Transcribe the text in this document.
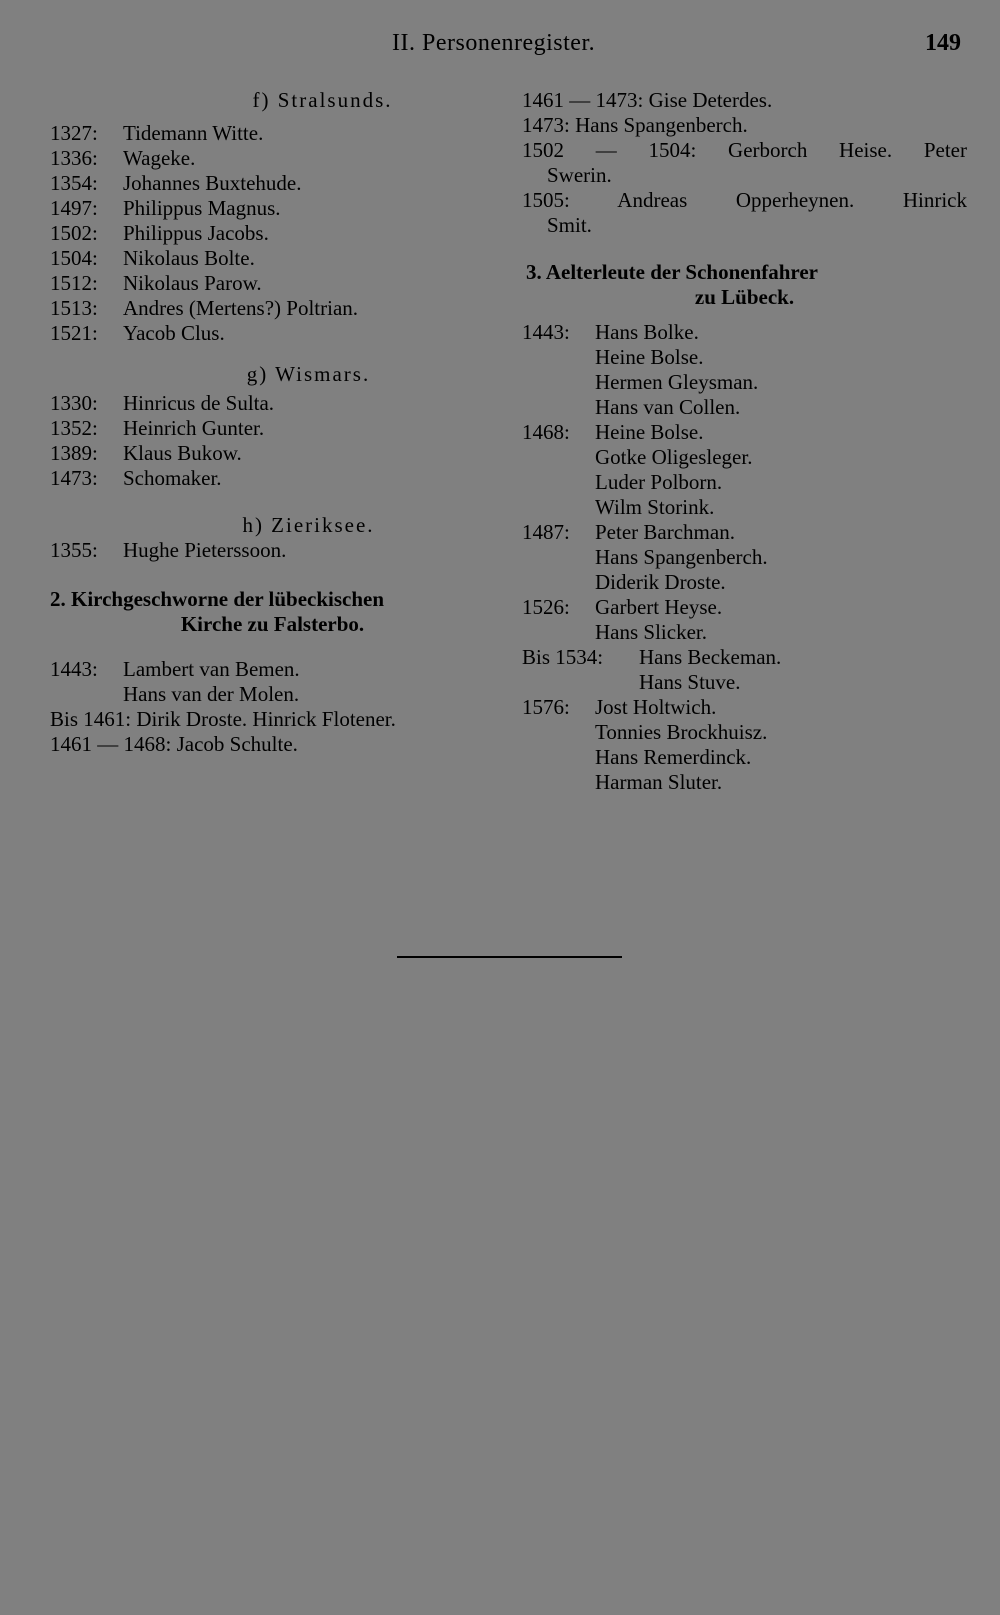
II. Personenregister.	149
f) Stralsunds.
1327:	Tidemann Witte.
1336:	Wageke.
1354:	Johannes Buxtehude.
1497:	Philippus Magnus.
1502:	Philippus Jacobs.
1504:	Nikolaus Bolte.
1512:	Nikolaus Parow.
1513:	Andres (Mertens?) Poltrian.
1521:	Yacob Clus.
g) Wismars.
1330:	Hinricus de Sulta.
1352:	Heinrich Gunter.
1389:	Klaus Bukow.
1473:	Schomaker.
h) Zieriksee.
1355:	Hughe Pieterssoon.
2. Kirchgeschworne der lübeckischen
Kirche zu Falsterbo.
1443:	Lambert van Bemen.
Hans van der Molen.
Bis 1461: Dirik Droste. Hinrick Flotener.
1461 — 1468: Jacob Schulte.
1461 — 1473: Gise Deterdes.
1473: Hans Spangenberch.
1502 — 1504: Gerborch Heise. Peter
Swerin.
1505: Andreas Opperheynen. Hinrick
Smit.
3. Aelterleute der Schonenfahrer
zu Lübeck.
1443:	Hans Bolke.
Heine Bolse.
Hermen Gleysman.
Hans van Collen.
1468:	Heine Bolse.
Gotke Oligesleger.
Luder Polborn.
Wilm Storink.
1487:	Peter Barchman.
Hans Spangenberch.
Diderik Droste.
1526:	Garbert Heyse.
Hans Slicker.
Bis 1534:	Hans Beckeman.
Hans Stuve.
1576:	Jost Holtwich.
Tonnies Brockhuisz.
Hans Remerdinck.
Harman Sluter.
